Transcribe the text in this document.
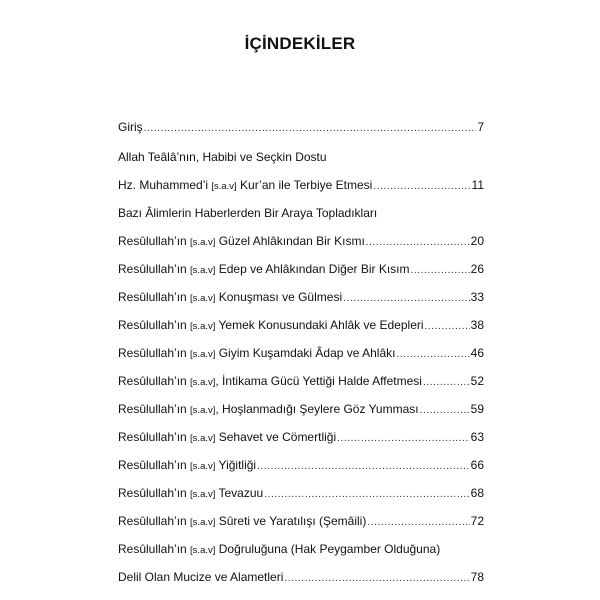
İÇİNDEKİLER
Giriş .....	7
Allah Teâlâ’nın, Habibi ve Seçkin Dostu
Hz. Muhammed’i [s.a.v] Kur’an ile Terbiye Etmesi .....	11
Bazı Âlimlerin Haberlerden Bir Araya Topladıkları
Resûlullah’ın [s.a.v] Güzel Ahlâkından Bir Kısmı .....	20
Resûlullah’ın [s.a.v] Edep ve Ahlâkından Diğer Bir Kısım .....	26
Resûlullah’ın [s.a.v] Konuşması ve Gülmesi .....	33
Resûlullah’ın [s.a.v] Yemek Konusundaki Ahlâk ve Edepleri .....	38
Resûlullah’ın [s.a.v] Giyim Kuşamdaki Âdap ve Ahlâkı .....	46
Resûlullah’ın [s.a.v], İntikama Gücü Yettiği Halde Affetmesi .....	52
Resûlullah’ın [s.a.v], Hoşlanmadığı Şeylere Göz Yumması .....	59
Resûlullah’ın [s.a.v] Sehavet ve Cömertliği .....	63
Resûlullah’ın [s.a.v] Yiğitliği .....	66
Resûlullah’ın [s.a.v] Tevazuu .....	68
Resûlullah’ın [s.a.v] Sûreti ve Yaratılışı (Şemâili) .....	72
Resûlullah’ın [s.a.v] Doğruluğuna (Hak Peygamber Olduğuna)
Delil Olan Mucize ve Alametleri .....	78
